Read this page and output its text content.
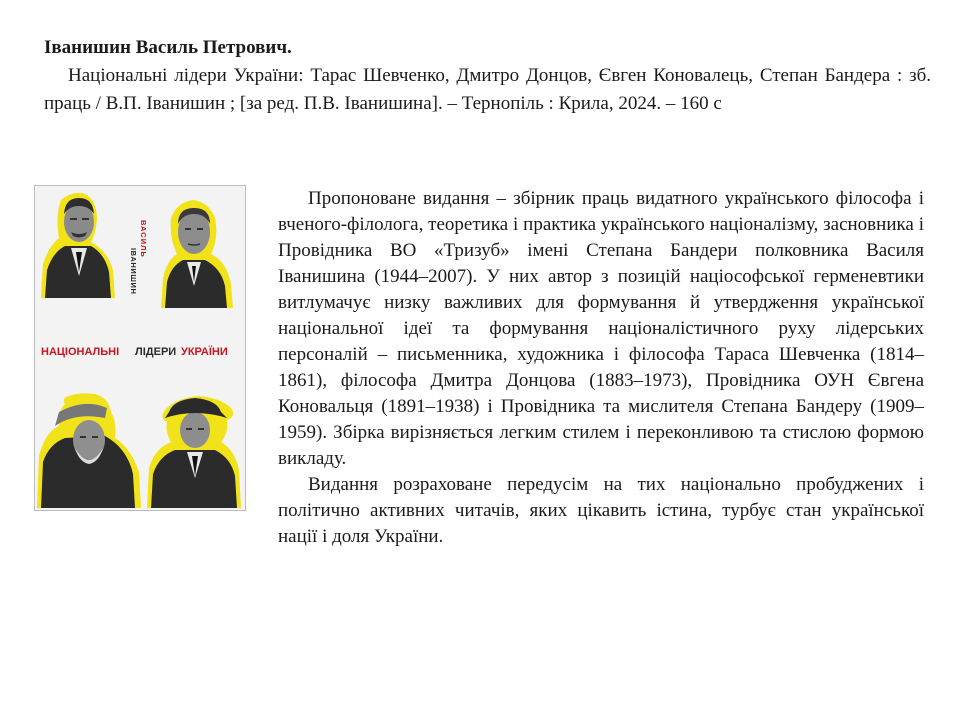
Іванишин Василь Петрович.
Національні лідери України: Тарас Шевченко, Дмитро Донцов, Євген Коновалець, Степан Бандера : зб. праць / В.П. Іванишин ; [за ред. П.В. Іванишина]. – Тернопіль : Крила, 2024. – 160 с
ВАСИЛЬ
ІВАНИШИН
НАЦІОНАЛЬНІ ЛІДЕРИ УКРАЇНИ

Пропоноване видання – збірник праць видатного українського філософа і вченого-філолога, теоретика і практика українського націоналізму, засновника і Провідника ВО «Тризуб» імені Степана Бандери полковника Василя Іванишина (1944–2007). У них автор з позицій націософської герменевтики витлумачує низку важливих для формування й утвердження української національної ідеї та формування націоналістичного руху лідерських персоналій – письменника, художника і філософа Тараса Шевченка (1814–1861), філософа Дмитра Донцова (1883–1973), Провідника ОУН Євгена Коновальця (1891–1938) і Провідника та мислителя Степана Бандеру (1909–1959). Збірка вирізняється легким стилем і переконливою та стислою формою викладу.

Видання розраховане передусім на тих національно пробуджених і політично активних читачів, яких цікавить істина, турбує стан української нації і доля України.
